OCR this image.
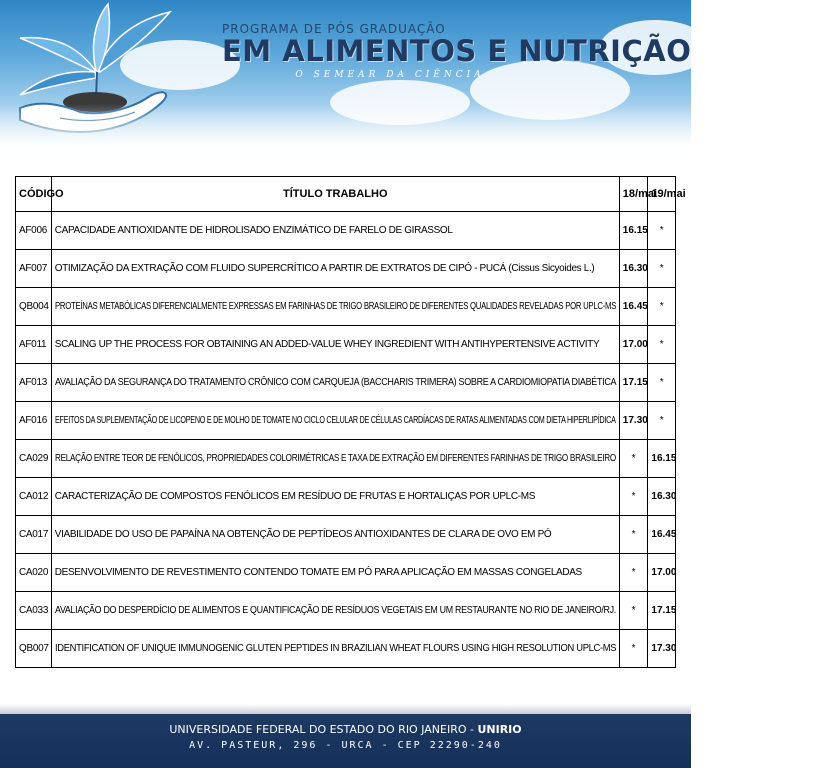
PROGRAMA DE PÓS GRADUAÇÃO
EM ALIMENTOS E NUTRIÇÃO
O SEMEAR DA CIÊNCIA
CÓDIGO	TÍTULO TRABALHO	18/mai	19/mai
AF006	CAPACIDADE ANTIOXIDANTE DE HIDROLISADO ENZIMÁTICO DE FARELO DE GIRASSOL	16.15	*
AF007	OTIMIZAÇÃO DA EXTRAÇÃO COM FLUIDO SUPERCRÍTICO A PARTIR DE EXTRATOS DE CIPÓ - PUCÁ (Cissus Sicyoides L.)	16.30	*
QB004	PROTEÍNAS METABÓLICAS DIFERENCIALMENTE EXPRESSAS EM FARINHAS DE TRIGO BRASILEIRO DE DIFERENTES QUALIDADES REVELADAS POR UPLC-MS	16.45	*
AF011	SCALING UP THE PROCESS FOR OBTAINING AN ADDED-VALUE WHEY INGREDIENT WITH ANTIHYPERTENSIVE ACTIVITY	17.00	*
AF013	AVALIAÇÃO DA SEGURANÇA DO TRATAMENTO CRÔNICO COM CARQUEJA (BACCHARIS TRIMERA) SOBRE A CARDIOMIOPATIA DIABÉTICA	17.15	*
AF016	EFEITOS DA SUPLEMENTAÇÃO DE LICOPENO E DE MOLHO DE TOMATE NO CICLO CELULAR DE CÉLULAS CARDÍACAS DE RATAS ALIMENTADAS COM DIETA HIPERLIPÍDICA	17.30	*
CA029	RELAÇÃO ENTRE TEOR DE FENÓLICOS, PROPRIEDADES COLORIMÉTRICAS E TAXA DE EXTRAÇÃO EM DIFERENTES FARINHAS DE TRIGO BRASILEIRO	*	16.15
CA012	CARACTERIZAÇÃO DE COMPOSTOS FENÓLICOS EM RESÍDUO DE FRUTAS E HORTALIÇAS POR UPLC-MS	*	16.30
CA017	VIABILIDADE DO USO DE PAPAÍNA NA OBTENÇÃO DE PEPTÍDEOS ANTIOXIDANTES DE CLARA DE OVO EM PÓ	*	16.45
CA020	DESENVOLVIMENTO DE REVESTIMENTO CONTENDO TOMATE EM PÓ PARA APLICAÇÃO EM MASSAS CONGELADAS	*	17.00
CA033	AVALIAÇÃO DO DESPERDÍCIO DE ALIMENTOS E QUANTIFICAÇÃO DE RESÍDUOS VEGETAIS EM UM RESTAURANTE NO RIO DE JANEIRO/RJ.	*	17.15
QB007	IDENTIFICATION OF UNIQUE IMMUNOGENIC GLUTEN PEPTIDES IN BRAZILIAN WHEAT FLOURS USING HIGH RESOLUTION UPLC-MS	*	17.30
UNIVERSIDADE FEDERAL DO ESTADO DO RIO JANEIRO - UNIRIO
AV. PASTEUR, 296 - URCA - CEP 22290-240
